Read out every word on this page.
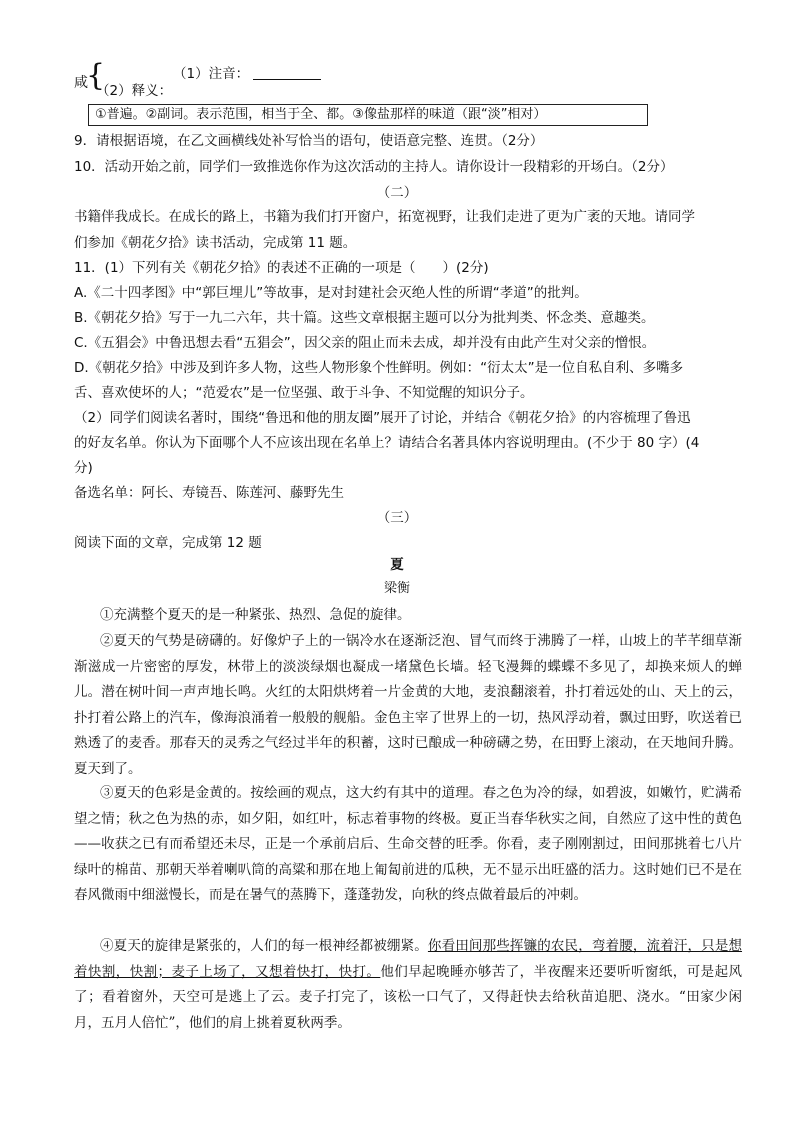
咸
{	（1）注音：
（2）释义：
①普遍。②副词。表示范围，相当于全、都。③像盐那样的味道（跟“淡”相对）
9．请根据语境，在乙文画横线处补写恰当的语句，使语意完整、连贯。（2分）
10．活动开始之前，同学们一致推选你作为这次活动的主持人。请你设计一段精彩的开场白。（2分）
（二）
书籍伴我成长。在成长的路上，书籍为我们打开窗户，拓宽视野，让我们走进了更为广袤的天地。请同学
们参加《朝花夕拾》读书活动，完成第 11 题。
11．(1）下列有关《朝花夕拾》的表述不正确的一项是（　　）(2分)
A.《二十四孝图》中“郭巨埋儿”等故事，是对封建社会灭绝人性的所谓“孝道”的批判。
B.《朝花夕拾》写于一九二六年，共十篇。这些文章根据主题可以分为批判类、怀念类、意趣类。
C.《五猖会》中鲁迅想去看“五猖会”，因父亲的阻止而未去成，却并没有由此产生对父亲的憎恨。
D.《朝花夕拾》中涉及到许多人物，这些人物形象个性鲜明。例如：“衍太太”是一位自私自利、多嘴多
舌、喜欢使坏的人；“范爱农”是一位坚强、敢于斗争、不知觉醒的知识分子。
（2）同学们阅读名著时，围绕“鲁迅和他的朋友圈”展开了讨论，并结合《朝花夕拾》的内容梳理了鲁迅
的好友名单。你认为下面哪个人不应该出现在名单上？请结合名著具体内容说明理由。(不少于 80 字）(4
分)
备选名单：阿长、寿镜吾、陈莲河、藤野先生
（三）
阅读下面的文章，完成第 12 题
夏
梁衡
①充满整个夏天的是一种紧张、热烈、急促的旋律。
②夏天的气势是磅礴的。好像炉子上的一锅冷水在逐渐泛泡、冒气而终于沸腾了一样，山坡上的芊芊细草渐渐滋成一片密密的厚发，林带上的淡淡绿烟也凝成一堵黛色长墙。轻飞漫舞的蝶蝶不多见了，却换来烦人的蝉儿。潜在树叶间一声声地长鸣。火红的太阳烘烤着一片金黄的大地，麦浪翻滚着，扑打着远处的山、天上的云，扑打着公路上的汽车，像海浪涌着一般般的舰船。金色主宰了世界上的一切，热风浮动着，飘过田野，吹送着已熟透了的麦香。那春天的灵秀之气经过半年的积蓄，这时已酿成一种磅礴之势，在田野上滚动，在天地间升腾。夏天到了。
③夏天的色彩是金黄的。按绘画的观点，这大约有其中的道理。春之色为冷的绿，如碧波，如嫩竹，贮满希望之情；秋之色为热的赤，如夕阳，如红叶，标志着事物的终极。夏正当春华秋实之间，自然应了这中性的黄色——收获之已有而希望还未尽，正是一个承前启后、生命交替的旺季。你看，麦子刚刚割过，田间那挑着七八片绿叶的棉苗、那朝天举着喇叭筒的高粱和那在地上匍匐前进的瓜秧，无不显示出旺盛的活力。这时她们已不是在春风微雨中细滋慢长，而是在暑气的蒸腾下，蓬蓬勃发，向秋的终点做着最后的冲刺。
④夏天的旋律是紧张的，人们的每一根神经都被绷紧。你看田间那些挥镰的农民，弯着腰，流着汗，只是想着快割，快割；麦子上场了，又想着快打，快打。他们早起晚睡亦够苦了，半夜醒来还要听听窗纸，可是起风了；看着窗外，天空可是逃上了云。麦子打完了，该松一口气了，又得赶快去给秋苗追肥、浇水。“田家少闲月，五月人倍忙”，他们的肩上挑着夏秋两季。
